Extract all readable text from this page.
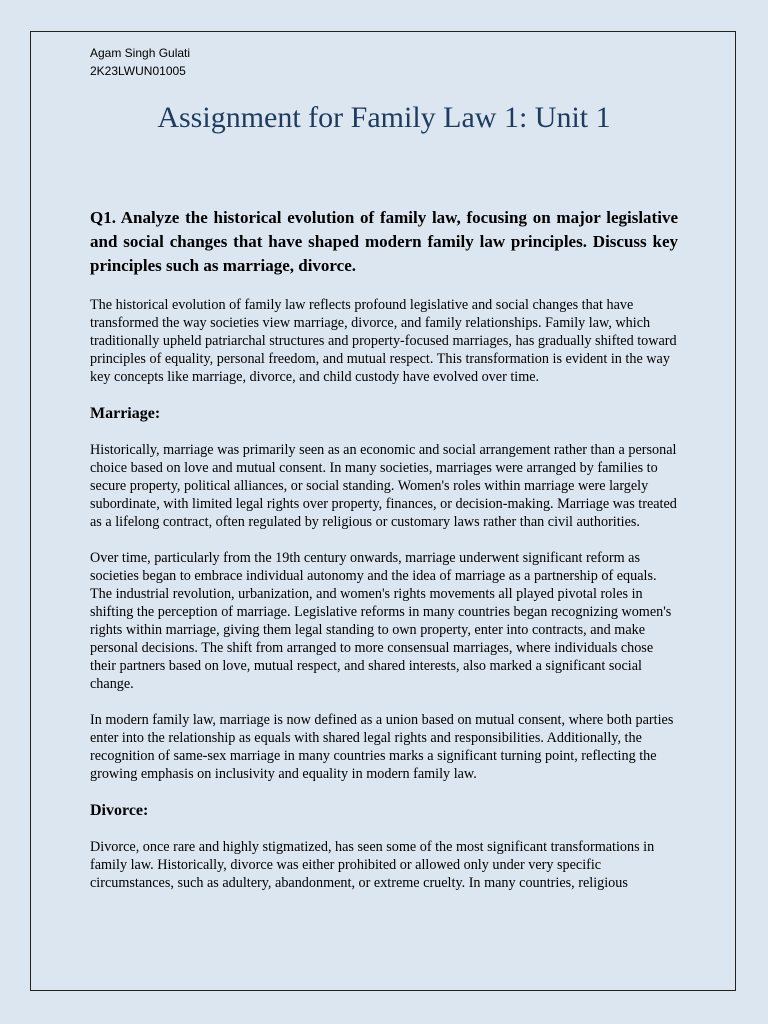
Agam Singh Gulati
2K23LWUN01005
Assignment for Family Law 1: Unit 1

Q1. Analyze the historical evolution of family law, focusing on major legislative and social changes that have shaped modern family law principles. Discuss key principles such as marriage, divorce.

The historical evolution of family law reflects profound legislative and social changes that have transformed the way societies view marriage, divorce, and family relationships. Family law, which traditionally upheld patriarchal structures and property-focused marriages, has gradually shifted toward principles of equality, personal freedom, and mutual respect. This transformation is evident in the way key concepts like marriage, divorce, and child custody have evolved over time.

Marriage:

Historically, marriage was primarily seen as an economic and social arrangement rather than a personal choice based on love and mutual consent. In many societies, marriages were arranged by families to secure property, political alliances, or social standing. Women's roles within marriage were largely subordinate, with limited legal rights over property, finances, or decision-making. Marriage was treated as a lifelong contract, often regulated by religious or customary laws rather than civil authorities.

Over time, particularly from the 19th century onwards, marriage underwent significant reform as societies began to embrace individual autonomy and the idea of marriage as a partnership of equals. The industrial revolution, urbanization, and women's rights movements all played pivotal roles in shifting the perception of marriage. Legislative reforms in many countries began recognizing women's rights within marriage, giving them legal standing to own property, enter into contracts, and make personal decisions. The shift from arranged to more consensual marriages, where individuals chose their partners based on love, mutual respect, and shared interests, also marked a significant social change.

In modern family law, marriage is now defined as a union based on mutual consent, where both parties enter into the relationship as equals with shared legal rights and responsibilities. Additionally, the recognition of same-sex marriage in many countries marks a significant turning point, reflecting the growing emphasis on inclusivity and equality in modern family law.

Divorce:

Divorce, once rare and highly stigmatized, has seen some of the most significant transformations in family law. Historically, divorce was either prohibited or allowed only under very specific circumstances, such as adultery, abandonment, or extreme cruelty. In many countries, religious
